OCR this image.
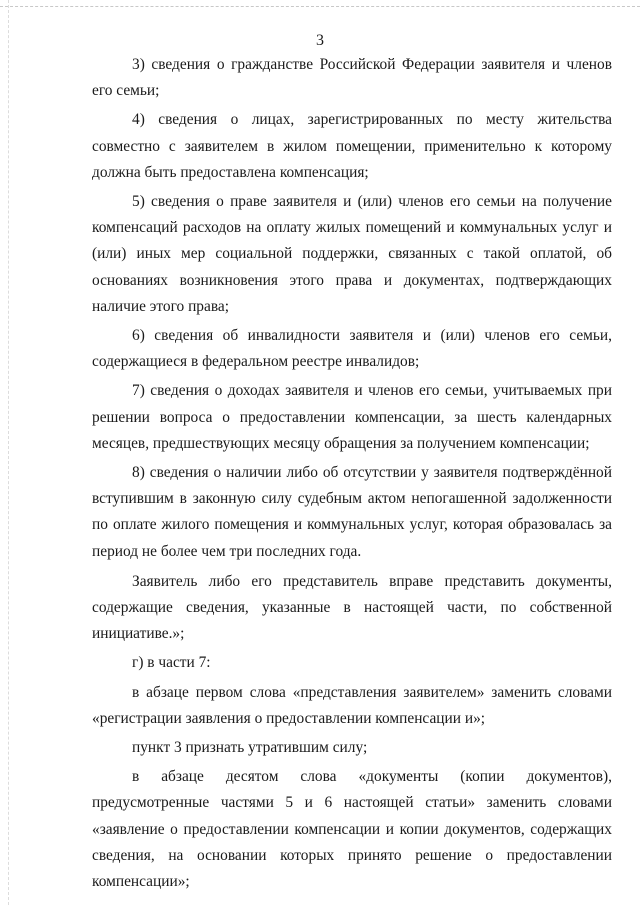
3

3) сведения о гражданстве Российской Федерации заявителя и членов его семьи;

4) сведения о лицах, зарегистрированных по месту жительства совместно с заявителем в жилом помещении, применительно к которому должна быть предоставлена компенсация;

5) сведения о праве заявителя и (или) членов его семьи на получение компенсаций расходов на оплату жилых помещений и коммунальных услуг и (или) иных мер социальной поддержки, связанных с такой оплатой, об основаниях возникновения этого права и документах, подтверждающих наличие этого права;

6) сведения об инвалидности заявителя и (или) членов его семьи, содержащиеся в федеральном реестре инвалидов;

7) сведения о доходах заявителя и членов его семьи, учитываемых при решении вопроса о предоставлении компенсации, за шесть календарных месяцев, предшествующих месяцу обращения за получением компенсации;

8) сведения о наличии либо об отсутствии у заявителя подтверждённой вступившим в законную силу судебным актом непогашенной задолженности по оплате жилого помещения и коммунальных услуг, которая образовалась за период не более чем три последних года.

Заявитель либо его представитель вправе представить документы, содержащие сведения, указанные в настоящей части, по собственной инициативе.»;

г) в части 7:

в абзаце первом слова «представления заявителем» заменить словами «регистрации заявления о предоставлении компенсации и»;

пункт 3 признать утратившим силу;

в абзаце десятом слова «документы (копии документов), предусмотренные частями 5 и 6 настоящей статьи» заменить словами «заявление о предоставлении компенсации и копии документов, содержащих сведения, на основании которых принято решение о предоставлении компенсации»;
